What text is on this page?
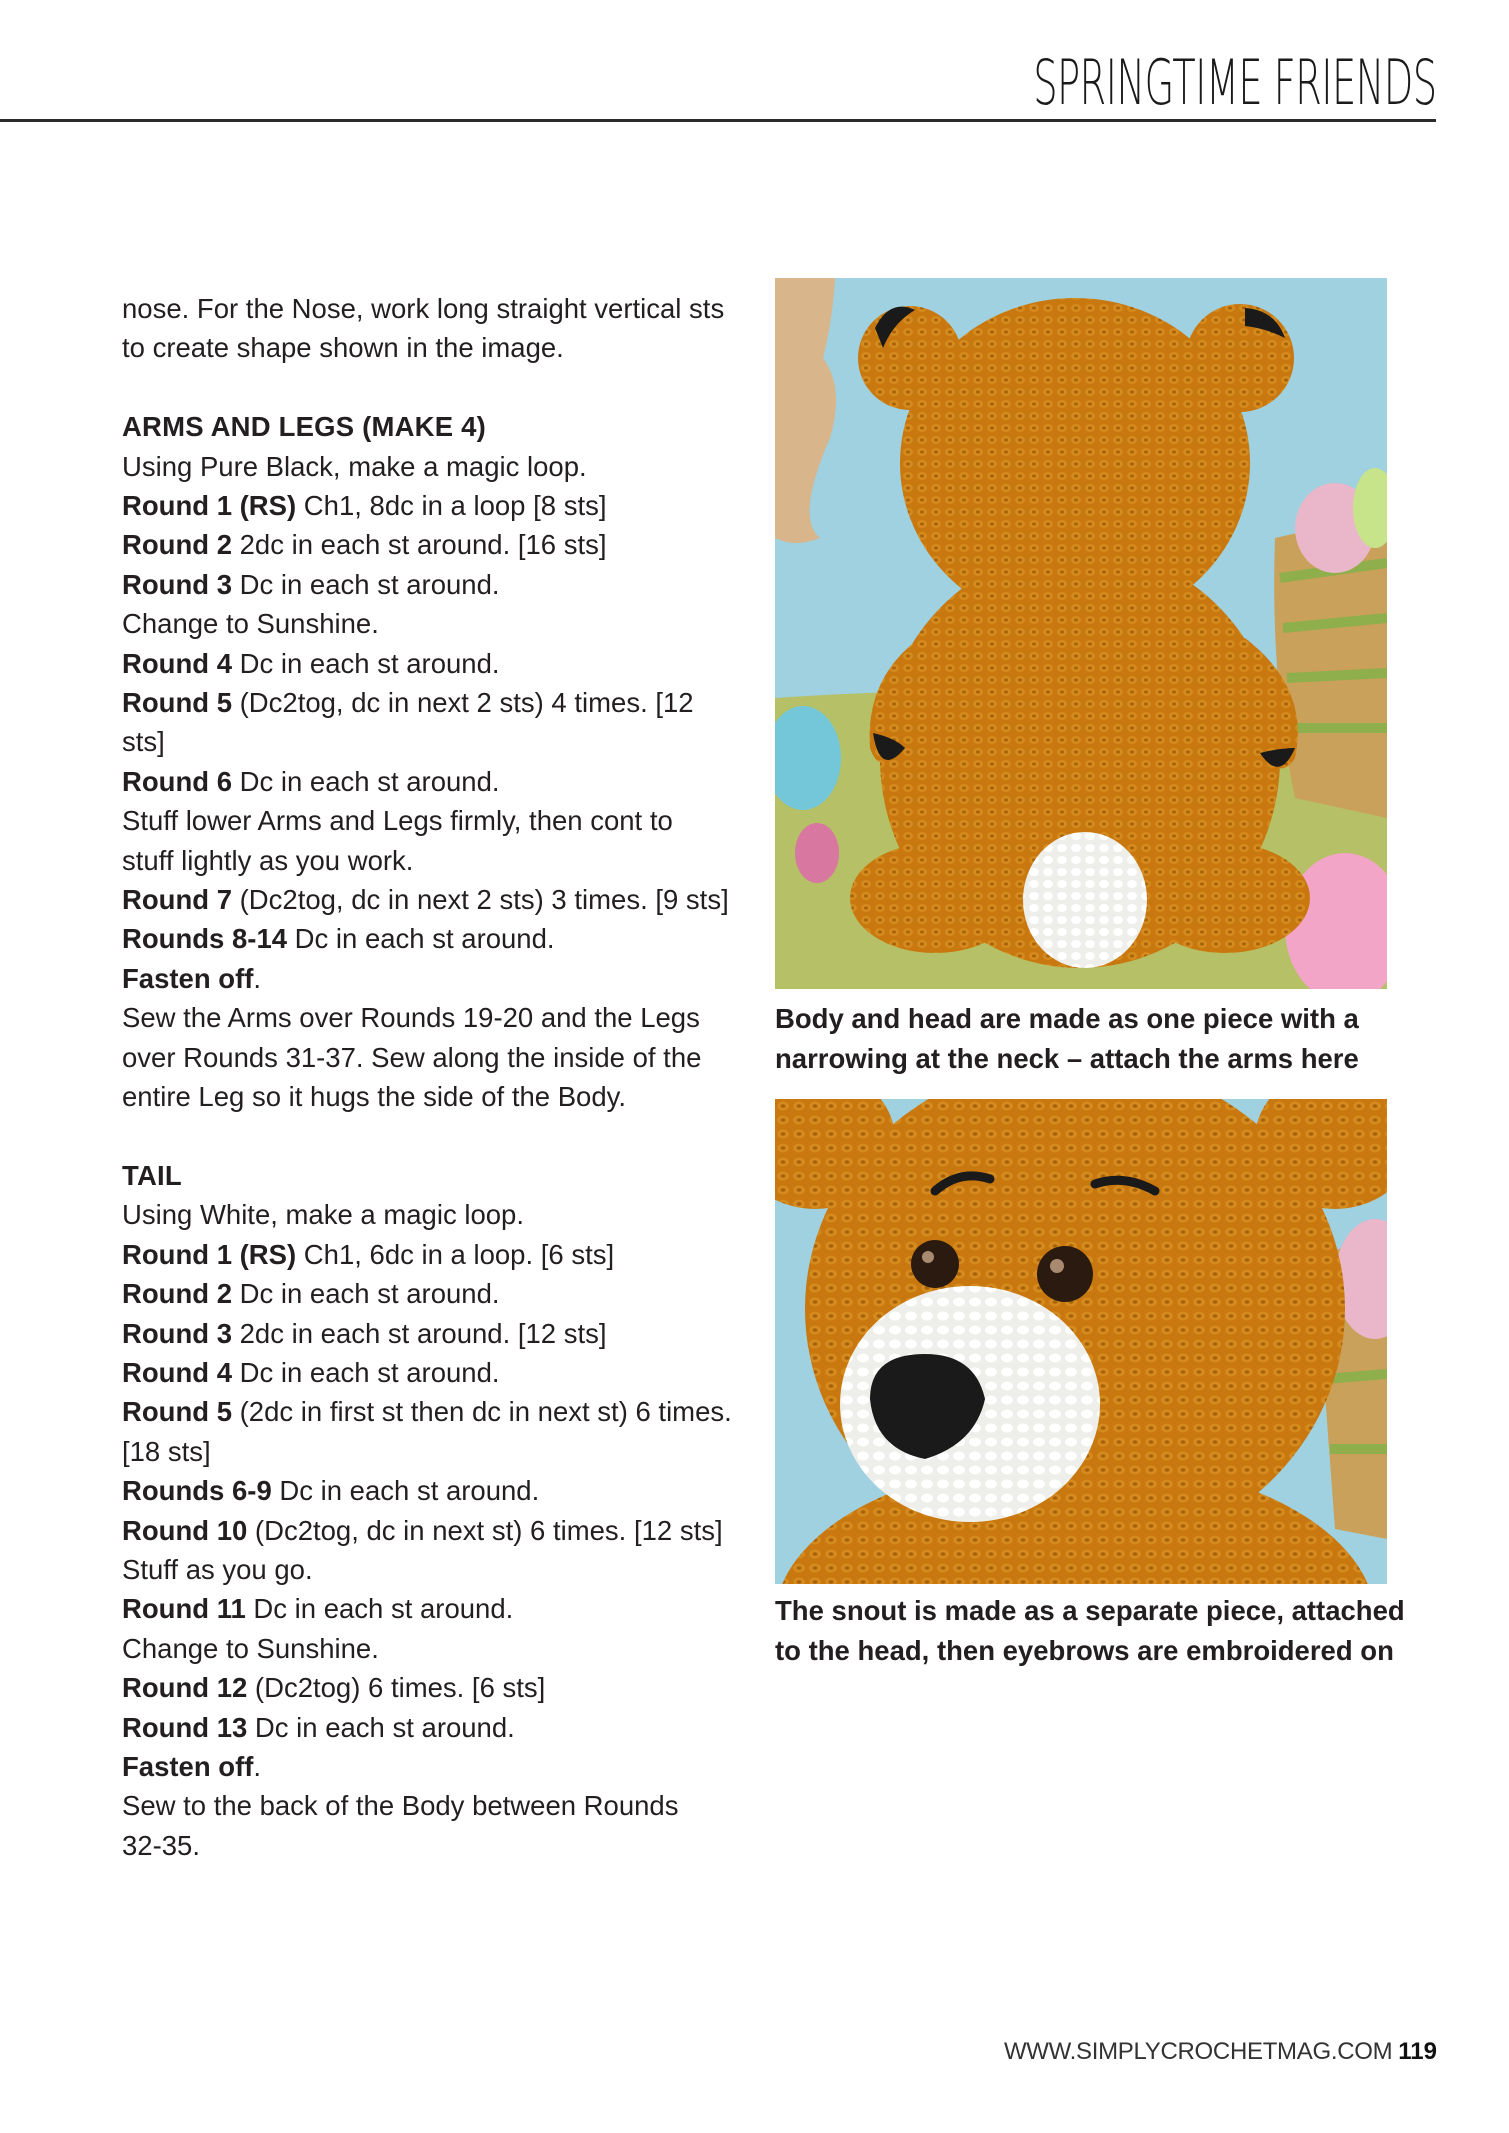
SPRINGTIME FRIENDS

nose. For the Nose, work long straight vertical sts

to create shape shown in the image.

ARMS AND LEGS (MAKE 4)

Using Pure Black, make a magic loop.

Round 1 (RS) Ch1, 8dc in a loop [8 sts]

Round 2 2dc in each st around. [16 sts]

Round 3 Dc in each st around.

Change to Sunshine.

Round 4 Dc in each st around.

Round 5 (Dc2tog, dc in next 2 sts) 4 times. [12 sts]

Round 6 Dc in each st around.

Stuff lower Arms and Legs firmly, then cont to

stuff lightly as you work.

Round 7 (Dc2tog, dc in next 2 sts) 3 times. [9 sts]

Rounds 8-14 Dc in each st around.

Fasten off.

Sew the Arms over Rounds 19-20 and the Legs

over Rounds 31-37. Sew along the inside of the

entire Leg so it hugs the side of the Body.

TAIL

Using White, make a magic loop.

Round 1 (RS) Ch1, 6dc in a loop. [6 sts]

Round 2 Dc in each st around.

Round 3 2dc in each st around. [12 sts]

Round 4 Dc in each st around.

Round 5 (2dc in first st then dc in next st) 6 times.

[18 sts]

Rounds 6-9 Dc in each st around.

Round 10 (Dc2tog, dc in next st) 6 times. [12 sts]

Stuff as you go.

Round 11 Dc in each st around.

Change to Sunshine.

Round 12 (Dc2tog) 6 times. [6 sts]

Round 13 Dc in each st around.

Fasten off.

Sew to the back of the Body between Rounds

32-35.

Body and head are made as one piece with a

narrowing at the neck – attach the arms here

The snout is made as a separate piece, attached

to the head, then eyebrows are embroidered on

WWW.SIMPLYCROCHETMAG.COM 119
